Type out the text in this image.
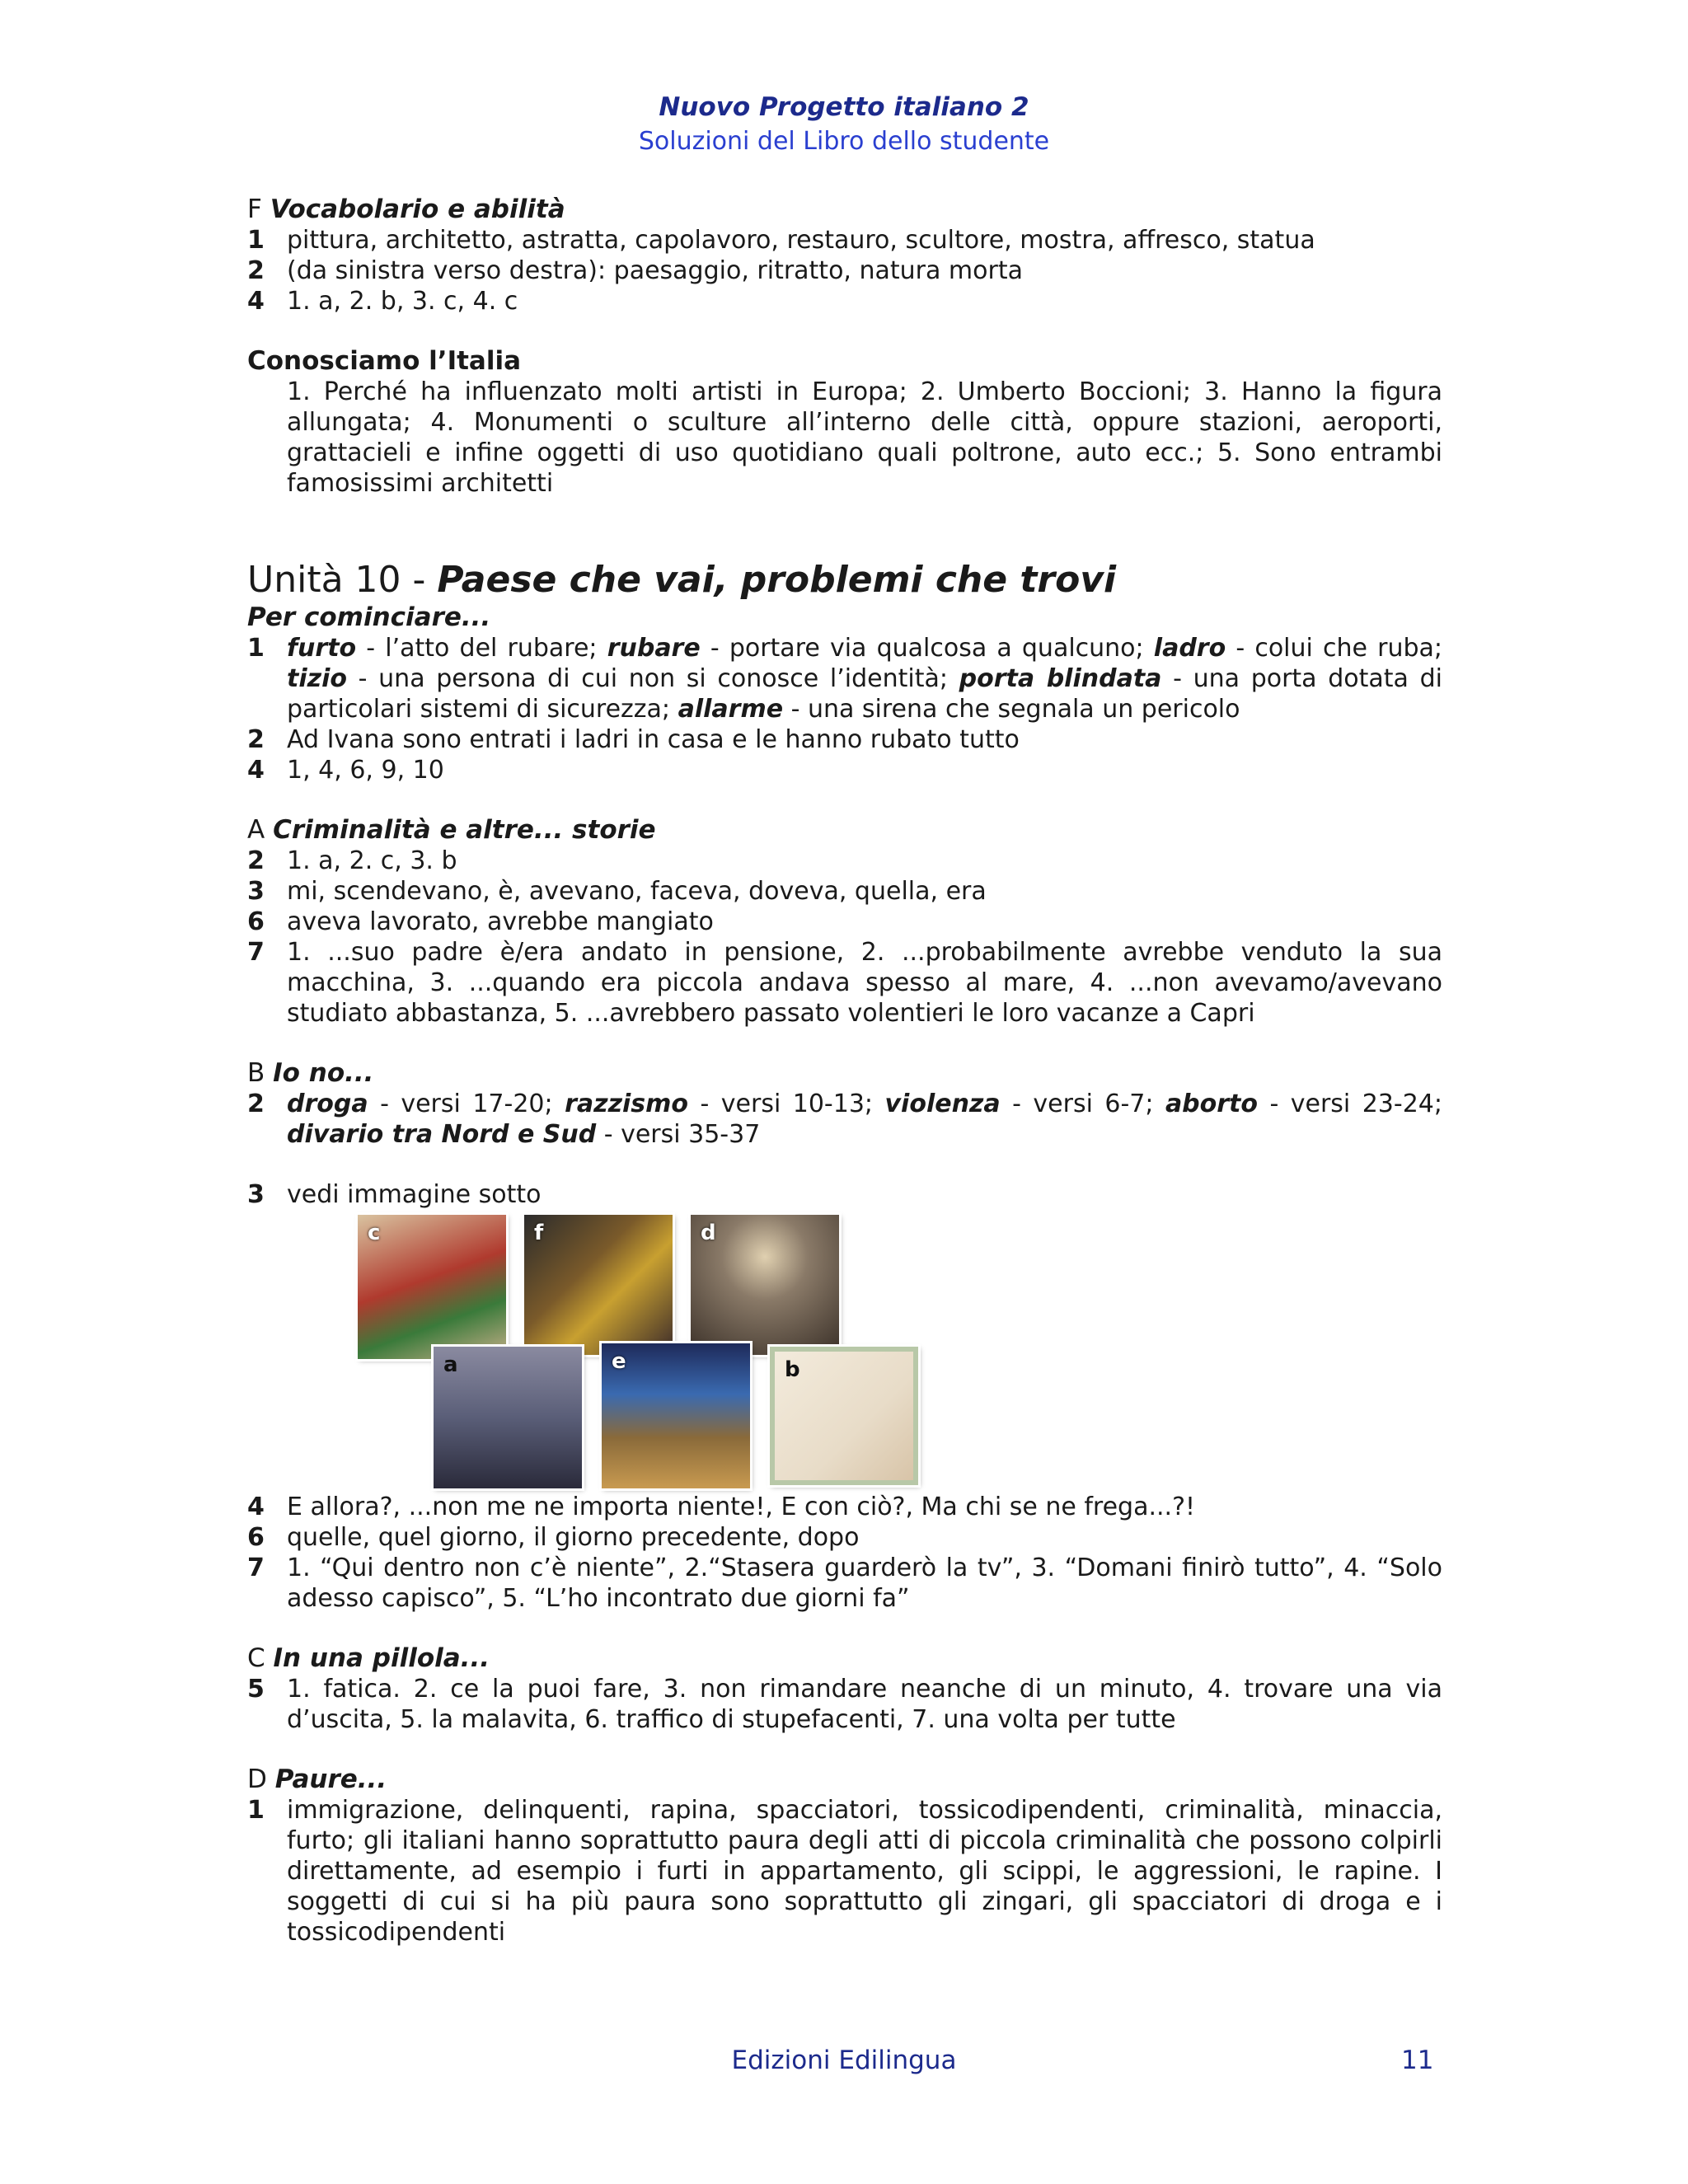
Nuovo Progetto italiano 2
Soluzioni del Libro dello studente
F Vocabolario e abilità
1 pittura, architetto, astratta, capolavoro, restauro, scultore, mostra, affresco, statua
2 (da sinistra verso destra): paesaggio, ritratto, natura morta
4 1. a, 2. b, 3. c, 4. c
Conosciamo l’Italia
1. Perché ha influenzato molti artisti in Europa; 2. Umberto Boccioni; 3. Hanno la figura allungata; 4. Monumenti o sculture all’interno delle città, oppure stazioni, aeroporti, grattacieli e infine oggetti di uso quotidiano quali poltrone, auto ecc.; 5. Sono entrambi famosissimi architetti
Unità 10 - Paese che vai, problemi che trovi
Per cominciare...
1 furto - l’atto del rubare; rubare - portare via qualcosa a qualcuno; ladro - colui che ruba; tizio - una persona di cui non si conosce l’identità; porta blindata - una porta dotata di particolari sistemi di sicurezza; allarme - una sirena che segnala un pericolo
2 Ad Ivana sono entrati i ladri in casa e le hanno rubato tutto
4 1, 4, 6, 9, 10
A Criminalità e altre... storie
2 1. a, 2. c, 3. b
3 mi, scendevano, è, avevano, faceva, doveva, quella, era
6 aveva lavorato, avrebbe mangiato
7 1. ...suo padre è/era andato in pensione, 2. ...probabilmente avrebbe venduto la sua macchina, 3. ...quando era piccola andava spesso al mare, 4. ...non avevamo/avevano studiato abbastanza, 5. ...avrebbero passato volentieri le loro vacanze a Capri
B Io no...
2 droga - versi 17-20; razzismo - versi 10-13; violenza - versi 6-7; aborto - versi 23-24; divario tra Nord e Sud - versi 35-37
3 vedi immagine sotto
c	f	d
a	e	b
4 E allora?, ...non me ne importa niente!, E con ciò?, Ma chi se ne frega...?!
6 quelle, quel giorno, il giorno precedente, dopo
7 1. “Qui dentro non c’è niente”, 2.“Stasera guarderò la tv”, 3. “Domani finirò tutto”, 4. “Solo adesso capisco”, 5. “L’ho incontrato due giorni fa”
C In una pillola...
5 1. fatica. 2. ce la puoi fare, 3. non rimandare neanche di un minuto, 4. trovare una via d’uscita, 5. la malavita, 6. traffico di stupefacenti, 7. una volta per tutte
D Paure...
1 immigrazione, delinquenti, rapina, spacciatori, tossicodipendenti, criminalità, minaccia, furto; gli italiani hanno soprattutto paura degli atti di piccola criminalità che possono colpirli direttamente, ad esempio i furti in appartamento, gli scippi, le aggressioni, le rapine. I soggetti di cui si ha più paura sono soprattutto gli zingari, gli spacciatori di droga e i tossicodipendenti
Edizioni Edilingua	11
